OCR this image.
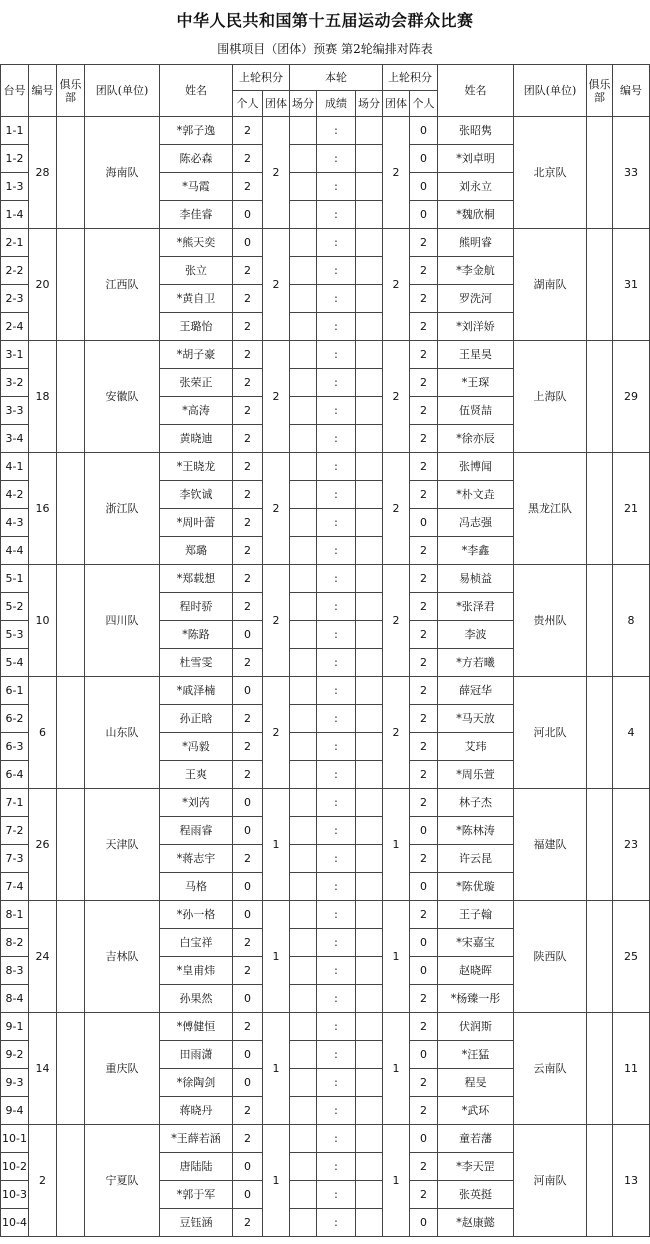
中华人民共和国第十五届运动会群众比赛
围棋项目（团体）预赛 第2轮编排对阵表
台号	编号	俱乐部	团队(单位)	姓名	上轮积分		本轮			上轮积分		姓名	团队(单位)	俱乐部	编号
					个人	团体	场分	成绩	场分	团体	个人				
1-1	28		海南队	*郭子逸	2	2		:		2	0	张昭隽	北京队		33
1-2				陈必森	2			:			0	*刘卓明			
1-3				*马霞	2			:			0	刘永立			
1-4				李佳睿	0			:			0	*魏欣桐			
2-1	20		江西队	*熊天奕	0	2		:		2	2	熊明睿	湖南队		31
2-2				张立	2			:			2	*李金航			
2-3				*黄自卫	2			:			2	罗洗河			
2-4				王璐怡	2			:			2	*刘洋娇			
3-1	18		安徽队	*胡子豪	2	2		:		2	2	王星昊	上海队		29
3-2				张荣正	2			:			2	*王琛			
3-3				*高涛	2			:			2	伍贤喆			
3-4				黄晓迪	2			:			2	*徐亦辰			
4-1	16		浙江队	*王晓龙	2	2		:		2	2	张博闻	黑龙江队		21
4-2				李钦诚	2			:			2	*朴文垚			
4-3				*周叶蕾	2			:			0	冯志强			
4-4				郑璐	2			:			2	*李鑫			
5-1	10		四川队	*郑载想	2	2		:		2	2	易桢益	贵州队		8
5-2				程时骄	2			:			2	*张泽君			
5-3				*陈路	0			:			2	李波			
5-4				杜雪雯	2			:			2	*方若曦			
6-1	6		山东队	*戚泽楠	0	2		:		2	2	薛冠华	河北队		4
6-2				孙正晗	2			:			2	*马天放			
6-3				*冯毅	2			:			2	艾玮			
6-4				王爽	2			:			2	*周乐萱			
7-1	26		天津队	*刘芮	0	1		:		1	2	林子杰	福建队		23
7-2				程雨睿	0			:			0	*陈林涛			
7-3				*蒋志宇	2			:			2	许云昆			
7-4				马格	0			:			0	*陈优璇			
8-1	24		吉林队	*孙一格	0	1		:		1	2	王子翰	陕西队		25
8-2				白宝祥	2			:			0	*宋嘉宝			
8-3				*皇甫炜	2			:			0	赵晓晖			
8-4				孙果然	0			:			2	*杨臻一彤			
9-1	14		重庆队	*傅健恒	2	1		:		1	2	伏润斯	云南队		11
9-2				田雨潇	0			:			0	*汪猛			
9-3				*徐陶剑	0			:			2	程旻			
9-4				蒋晓丹	2			:			2	*武环			
10-1	2		宁夏队	*王薛若涵	2	1		:		1	0	童若藩	河南队		13
10-2				唐陆陆	0			:			2	*李天罡			
10-3				*郭于军	0			:			2	张英挺			
10-4				豆钰涵	2			:			0	*赵康懿			
